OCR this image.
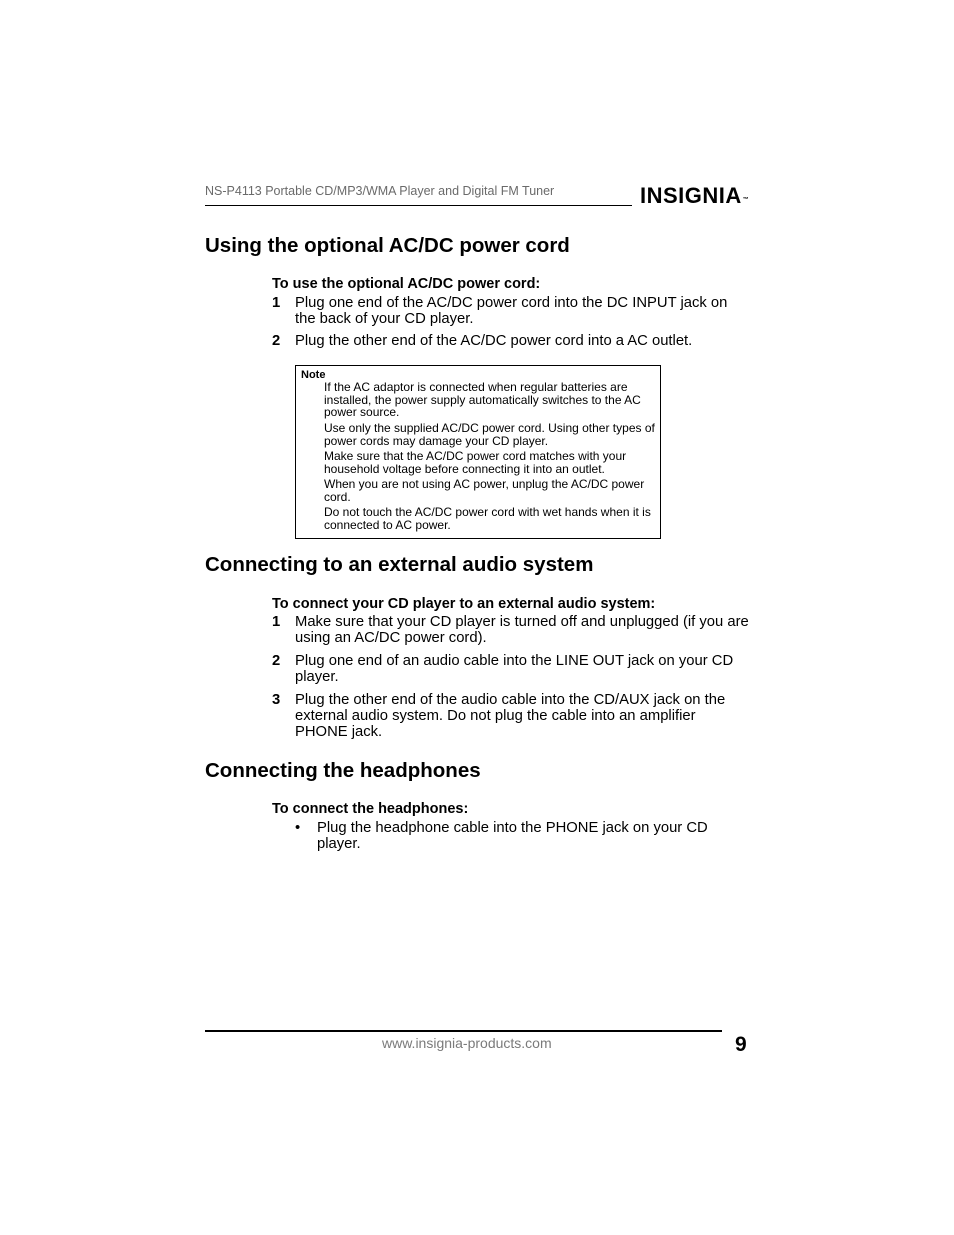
NS-P4113 Portable CD/MP3/WMA Player and Digital FM Tuner	INSIGNIA™
Using the optional AC/DC power cord
To use the optional AC/DC power cord:
1 Plug one end of the AC/DC power cord into the DC INPUT jack on the back of your CD player.
2 Plug the other end of the AC/DC power cord into a AC outlet.
Note
If the AC adaptor is connected when regular batteries are installed, the power supply automatically switches to the AC power source.
Use only the supplied AC/DC power cord. Using other types of power cords may damage your CD player.
Make sure that the AC/DC power cord matches with your household voltage before connecting it into an outlet.
When you are not using AC power, unplug the AC/DC power cord.
Do not touch the AC/DC power cord with wet hands when it is connected to AC power.
Connecting to an external audio system
To connect your CD player to an external audio system:
1 Make sure that your CD player is turned off and unplugged (if you are using an AC/DC power cord).
2 Plug one end of an audio cable into the LINE OUT jack on your CD player.
3 Plug the other end of the audio cable into the CD/AUX jack on the external audio system. Do not plug the cable into an amplifier PHONE jack.
Connecting the headphones
To connect the headphones:
• Plug the headphone cable into the PHONE jack on your CD player.
www.insignia-products.com	9
